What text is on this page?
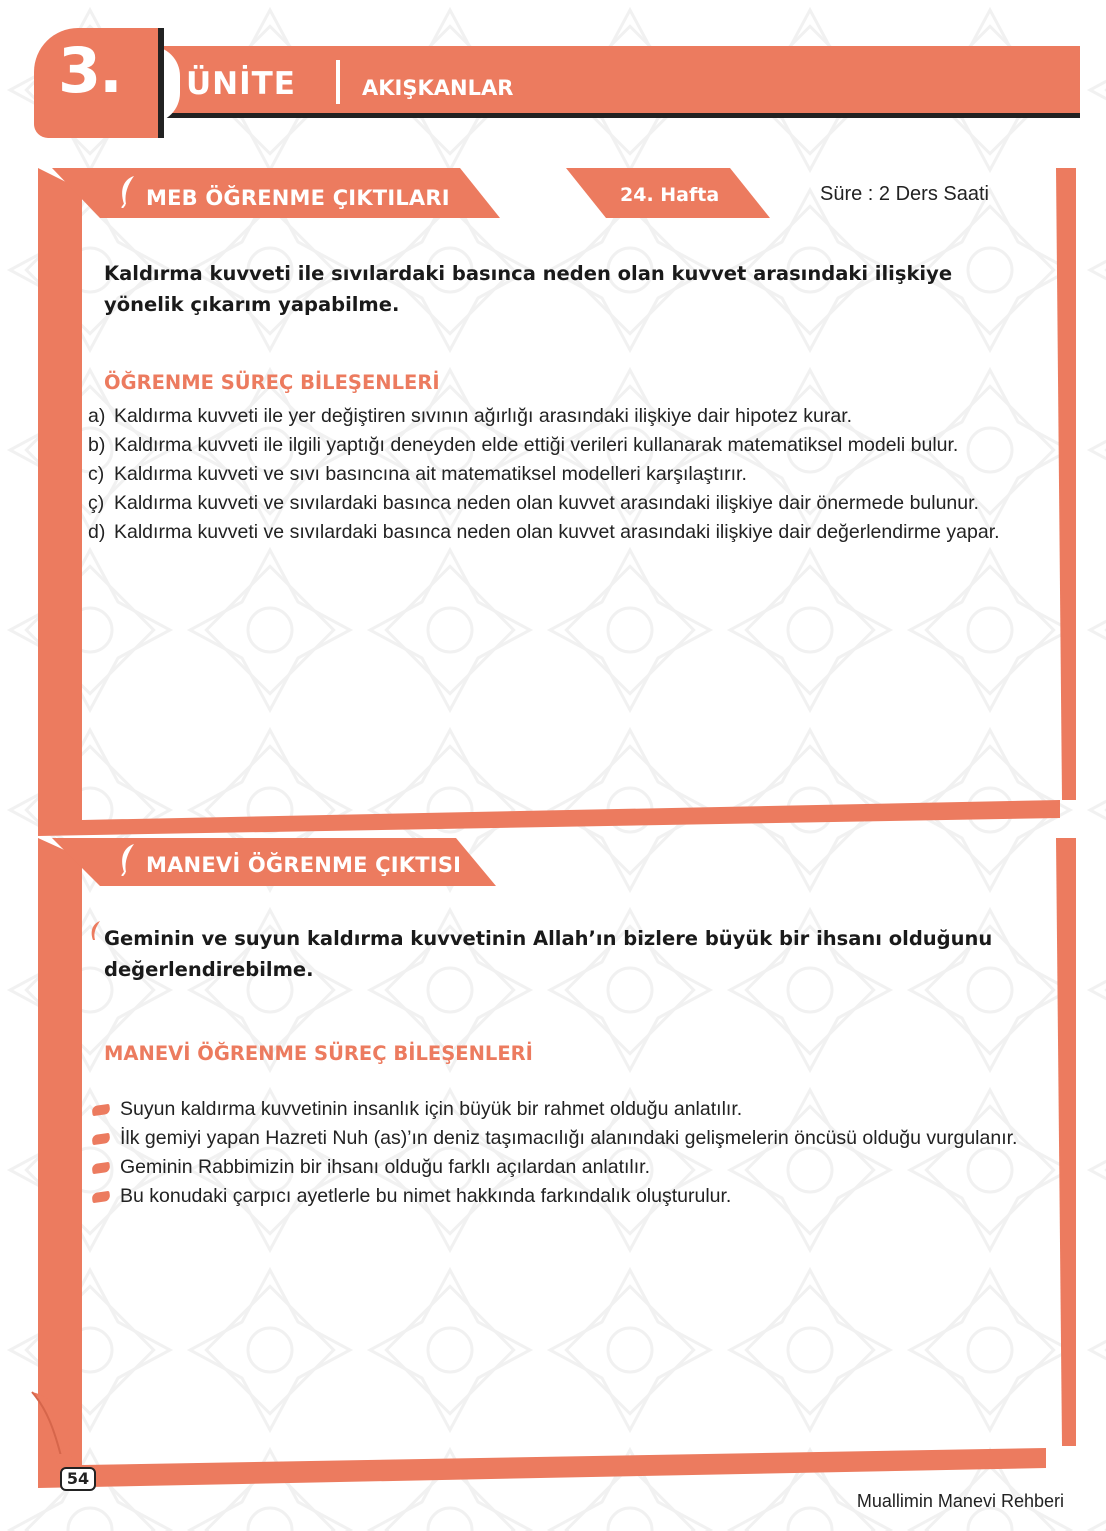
3. ÜNİTE	AKIŞKANLAR
MEB ÖĞRENME ÇIKTILARI	24. Hafta	Süre : 2 Ders Saati
Kaldırma kuvveti ile sıvılardaki basınca neden olan kuvvet arasındaki ilişkiye yönelik çıkarım yapabilme.
ÖĞRENME SÜREÇ BİLEŞENLERİ
a) Kaldırma kuvveti ile yer değiştiren sıvının ağırlığı arasındaki ilişkiye dair hipotez kurar.
b) Kaldırma kuvveti ile ilgili yaptığı deneyden elde ettiği verileri kullanarak matematiksel modeli bulur.
c) Kaldırma kuvveti ve sıvı basıncına ait matematiksel modelleri karşılaştırır.
ç) Kaldırma kuvveti ve sıvılardaki basınca neden olan kuvvet arasındaki ilişkiye dair önermede bulunur.
d) Kaldırma kuvveti ve sıvılardaki basınca neden olan kuvvet arasındaki ilişkiye dair değerlendirme yapar.
MANEVİ ÖĞRENME ÇIKTISI
Geminin ve suyun kaldırma kuvvetinin Allah’ın bizlere büyük bir ihsanı olduğunu değerlendirebilme.
MANEVİ ÖĞRENME SÜREÇ BİLEŞENLERİ
Suyun kaldırma kuvvetinin insanlık için büyük bir rahmet olduğu anlatılır.
İlk gemiyi yapan Hazreti Nuh (as)’ın deniz taşımacılığı alanındaki gelişmelerin öncüsü olduğu vurgulanır.
Geminin Rabbimizin bir ihsanı olduğu farklı açılardan anlatılır.
Bu konudaki çarpıcı ayetlerle bu nimet hakkında farkındalık oluşturulur.
54
Muallimin Manevi Rehberi
